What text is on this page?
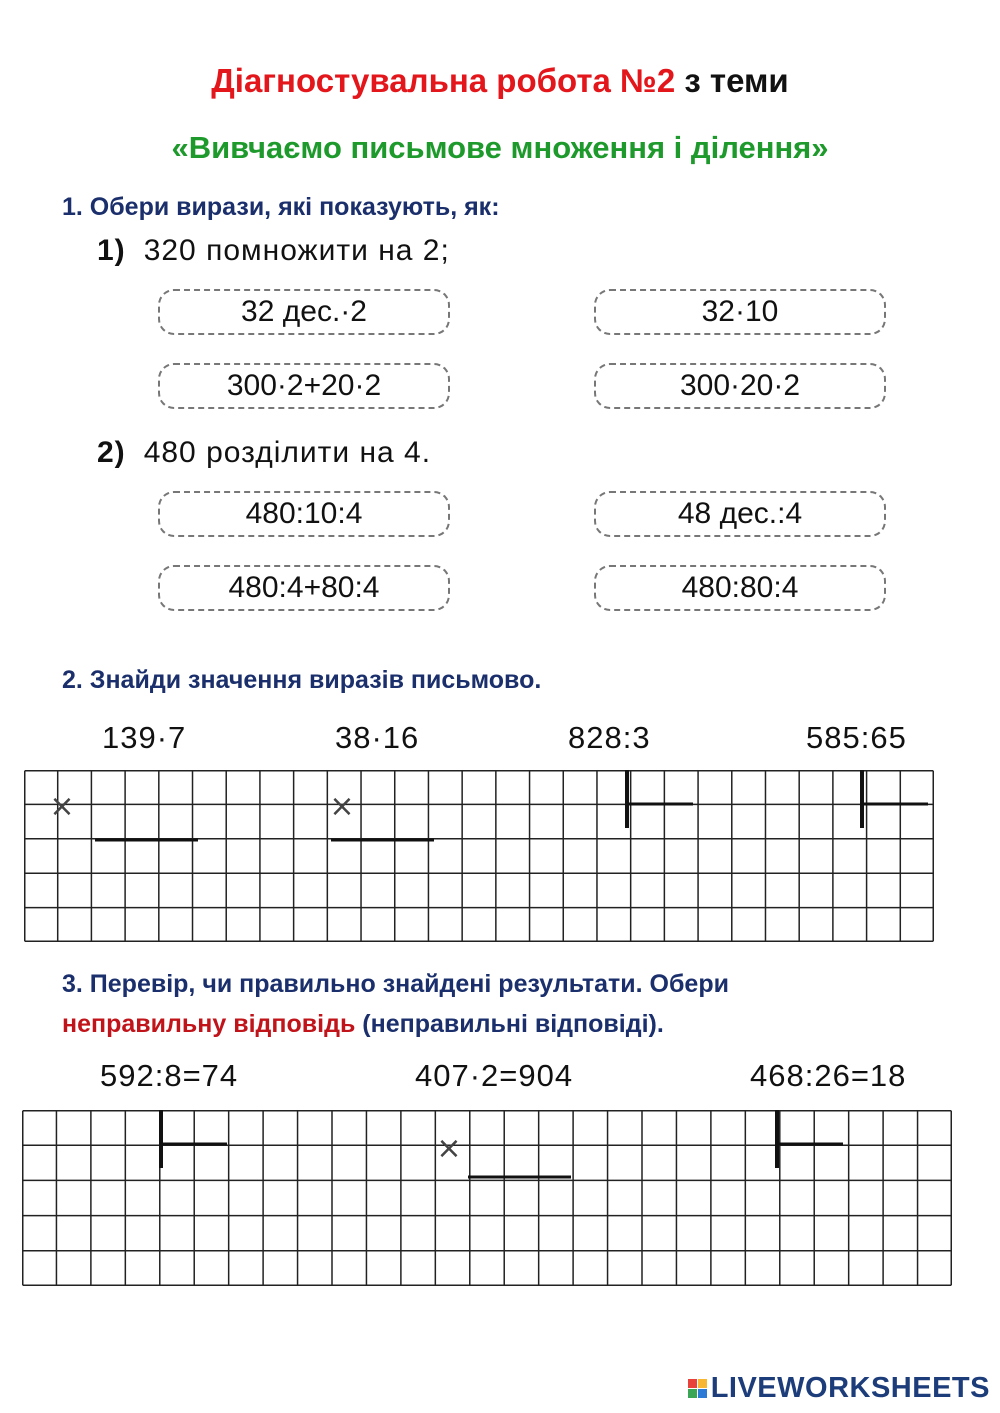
Діагностувальна робота №2 з теми
«Вивчаємо письмове множення і ділення»
1. Обери вирази, які показують, як:
1) 320 помножити на 2;
32 дес.·2	32·10
300·2+20·2	300·20·2
2) 480 розділити на 4.
480:10:4	48 дес.:4
480:4+80:4	480:80:4
2. Знайди значення виразів письмово.
139·7	38·16	828:3	585:65
×	×
3. Перевір, чи правильно знайдені результати. Обери
неправильну відповідь (неправильні відповіді).
592:8=74	407·2=904	468:26=18
×
LIVEWORKSHEETS
